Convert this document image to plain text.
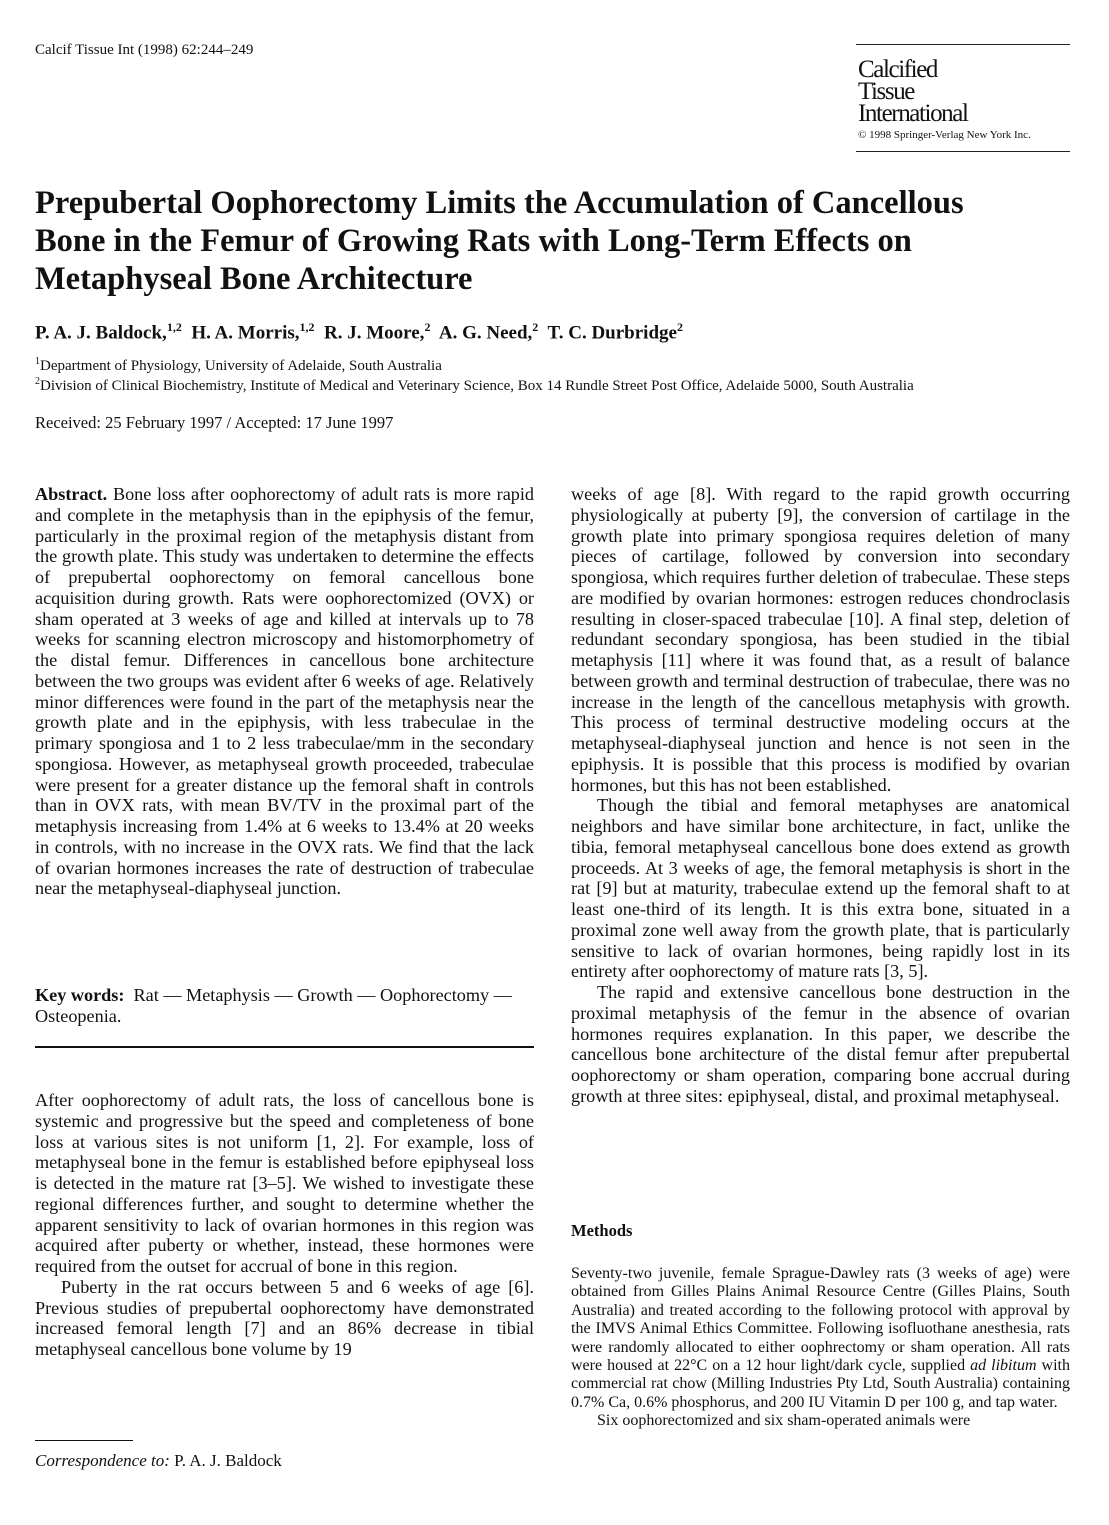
Calcif Tissue Int (1998) 62:244–249
Calcified
Tissue
International
© 1998 Springer-Verlag New York Inc.
Prepubertal Oophorectomy Limits the Accumulation of Cancellous
Bone in the Femur of Growing Rats with Long-Term Effects on
Metaphyseal Bone Architecture
P. A. J. Baldock,$^{1,2}$ H. A. Morris,$^{1,2}$ R. J. Moore,$^2$ A. G. Need,$^2$ T. C. Durbridge$^2$
$^1$Department of Physiology, University of Adelaide, South Australia
$^2$Division of Clinical Biochemistry, Institute of Medical and Veterinary Science, Box 14 Rundle Street Post Office, Adelaide 5000, South Australia
Received: 25 February 1997 / Accepted: 17 June 1997

Abstract. Bone loss after oophorectomy of adult rats is more rapid and complete in the metaphysis than in the epiphysis of the femur, particularly in the proximal region of the metaphysis distant from the growth plate. This study was undertaken to determine the effects of prepubertal oophorectomy on femoral cancellous bone acquisition during growth. Rats were oophorectomized (OVX) or sham operated at 3 weeks of age and killed at intervals up to 78 weeks for scanning electron microscopy and histomorphometry of the distal femur. Differences in cancellous bone architecture between the two groups was evident after 6 weeks of age. Relatively minor differences were found in the part of the metaphysis near the growth plate and in the epiphysis, with less trabeculae in the primary spongiosa and 1 to 2 less trabeculae/mm in the secondary spongiosa. However, as metaphyseal growth proceeded, trabeculae were present for a greater distance up the femoral shaft in controls than in OVX rats, with mean BV/TV in the proximal part of the metaphysis increasing from 1.4% at 6 weeks to 13.4% at 20 weeks in controls, with no increase in the OVX rats. We find that the lack of ovarian hormones increases the rate of destruction of trabeculae near the metaphyseal-diaphyseal junction.

Key words: Rat — Metaphysis — Growth — Oophorectomy — Osteopenia.

After oophorectomy of adult rats, the loss of cancellous bone is systemic and progressive but the speed and completeness of bone loss at various sites is not uniform [1, 2]. For example, loss of metaphyseal bone in the femur is established before epiphyseal loss is detected in the mature rat [3–5]. We wished to investigate these regional differences further, and sought to determine whether the apparent sensitivity to lack of ovarian hormones in this region was acquired after puberty or whether, instead, these hormones were required from the outset for accrual of bone in this region.

Puberty in the rat occurs between 5 and 6 weeks of age [6]. Previous studies of prepubertal oophorectomy have demonstrated increased femoral length [7] and an 86% decrease in tibial metaphyseal cancellous bone volume by 19

weeks of age [8]. With regard to the rapid growth occurring physiologically at puberty [9], the conversion of cartilage in the growth plate into primary spongiosa requires deletion of many pieces of cartilage, followed by conversion into secondary spongiosa, which requires further deletion of trabeculae. These steps are modified by ovarian hormones: estrogen reduces chondroclasis resulting in closer-spaced trabeculae [10]. A final step, deletion of redundant secondary spongiosa, has been studied in the tibial metaphysis [11] where it was found that, as a result of balance between growth and terminal destruction of trabeculae, there was no increase in the length of the cancellous metaphysis with growth. This process of terminal destructive modeling occurs at the metaphyseal-diaphyseal junction and hence is not seen in the epiphysis. It is possible that this process is modified by ovarian hormones, but this has not been established.

Though the tibial and femoral metaphyses are anatomical neighbors and have similar bone architecture, in fact, unlike the tibia, femoral metaphyseal cancellous bone does extend as growth proceeds. At 3 weeks of age, the femoral metaphysis is short in the rat [9] but at maturity, trabeculae extend up the femoral shaft to at least one-third of its length. It is this extra bone, situated in a proximal zone well away from the growth plate, that is particularly sensitive to lack of ovarian hormones, being rapidly lost in its entirety after oophorectomy of mature rats [3, 5].

The rapid and extensive cancellous bone destruction in the proximal metaphysis of the femur in the absence of ovarian hormones requires explanation. In this paper, we describe the cancellous bone architecture of the distal femur after prepubertal oophorectomy or sham operation, comparing bone accrual during growth at three sites: epiphyseal, distal, and proximal metaphyseal.

Methods

Seventy-two juvenile, female Sprague-Dawley rats (3 weeks of age) were obtained from Gilles Plains Animal Resource Centre (Gilles Plains, South Australia) and treated according to the following protocol with approval by the IMVS Animal Ethics Committee. Following isofluothane anesthesia, rats were randomly allocated to either oophrectomy or sham operation. All rats were housed at 22°C on a 12 hour light/dark cycle, supplied ad libitum with commercial rat chow (Milling Industries Pty Ltd, South Australia) containing 0.7% Ca, 0.6% phosphorus, and 200 IU Vitamin D per 100 g, and tap water.

Six oophorectomized and six sham-operated animals were

Correspondence to: P. A. J. Baldock
